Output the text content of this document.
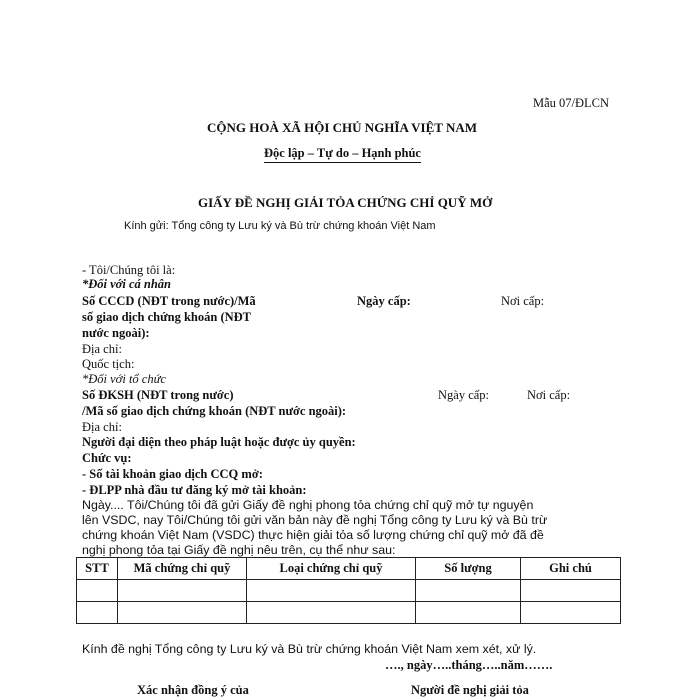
Mẫu 07/ĐLCN
CỘNG HOÀ XÃ HỘI CHỦ NGHĨA VIỆT NAM
Độc lập – Tự do – Hạnh phúc
GIẤY ĐỀ NGHỊ GIẢI TỎA CHỨNG CHỈ QUỸ MỞ
Kính gửi: Tổng công ty Lưu ký và Bù trừ chứng khoán Việt Nam
- Tôi/Chúng tôi là:
*Đối với cá nhân
Số CCCD (NĐT trong nước)/Mã
số giao dịch chứng khoán (NĐT
nước ngoài):
Ngày cấp:	Nơi cấp:
Địa chỉ:
Quốc tịch:
*Đối với tổ chức
Số ĐKSH (NĐT trong nước)	Ngày cấp:	Nơi cấp:
/Mã số giao dịch chứng khoán (NĐT nước ngoài):
Địa chỉ:
Người đại diện theo pháp luật hoặc được ủy quyền:
Chức vụ:
- Số tài khoản giao dịch CCQ mở:
- ĐLPP nhà đầu tư đăng ký mở tài khoản:
Ngày.... Tôi/Chúng tôi đã gửi Giấy đề nghị phong tỏa chứng chỉ quỹ mở tự nguyện
lên VSDC, nay Tôi/Chúng tôi gửi văn bản này đề nghị Tổng công ty Lưu ký và Bù trừ
chứng khoán Việt Nam (VSDC) thực hiện giải tỏa số lượng chứng chỉ quỹ mở đã đề
nghị phong tỏa tại Giấy đề nghị nêu trên, cụ thể như sau:
STT	Mã chứng chỉ quỹ	Loại chứng chỉ quỹ	Số lượng	Ghi chú

Kính đề nghị Tổng công ty Lưu ký và Bù trừ chứng khoán Việt Nam xem xét, xử lý.
…., ngày…..tháng…..năm…….
Xác nhận đồng ý của	Người đề nghị giải tỏa
